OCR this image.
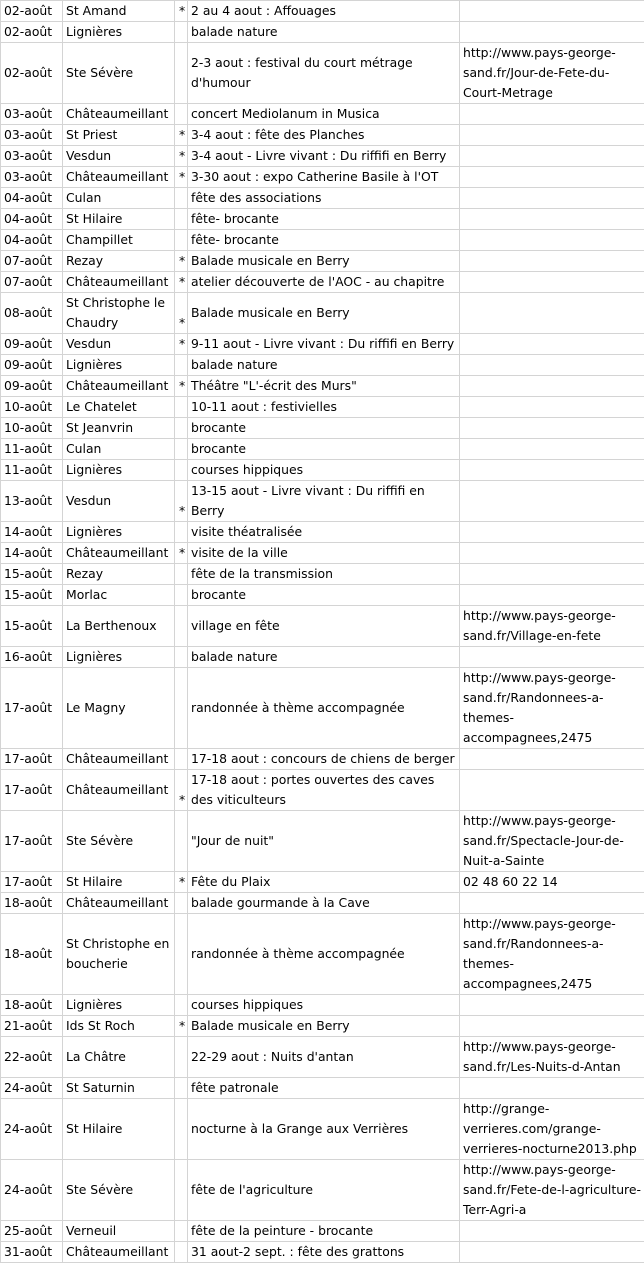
02-août	St Amand	*	2 au 4 aout : Affouages	
02-août	Lignières		balade nature	
02-août	Ste Sévère		2-3 aout : festival du court métrage d'humour	http://www.pays-george-sand.fr/Jour-de-Fete-du-Court-Metrage
03-août	Châteaumeillant		concert Mediolanum in Musica	
03-août	St Priest	*	3-4 aout : fête des Planches	
03-août	Vesdun	*	3-4 aout - Livre vivant : Du riffifi en Berry	
03-août	Châteaumeillant	*	3-30 aout : expo Catherine Basile à l'OT	
04-août	Culan		fête des associations	
04-août	St Hilaire		fête- brocante	
04-août	Champillet		fête- brocante	
07-août	Rezay	*	Balade musicale en Berry	
07-août	Châteaumeillant	*	atelier découverte de l'AOC - au chapitre	
08-août	St Christophe le Chaudry	*	Balade musicale en Berry	
09-août	Vesdun	*	9-11 aout - Livre vivant : Du riffifi en Berry	
09-août	Lignières		balade nature	
09-août	Châteaumeillant	*	Théâtre "L'-écrit des Murs"	
10-août	Le Chatelet		10-11 aout : festivielles	
10-août	St Jeanvrin		brocante	
11-août	Culan		brocante	
11-août	Lignières		courses hippiques	
13-août	Vesdun	*	13-15 aout - Livre vivant : Du riffifi en Berry	
14-août	Lignières		visite théatralisée	
14-août	Châteaumeillant	*	visite de la ville	
15-août	Rezay		fête de la transmission	
15-août	Morlac		brocante	
15-août	La Berthenoux		village en fête	http://www.pays-george-sand.fr/Village-en-fete
16-août	Lignières		balade nature	
17-août	Le Magny		randonnée à thème accompagnée	http://www.pays-george-sand.fr/Randonnees-a-themes-accompagnees,2475
17-août	Châteaumeillant		17-18 aout : concours de chiens de berger	
17-août	Châteaumeillant	*	17-18 aout : portes ouvertes des caves des viticulteurs	
17-août	Ste Sévère		"Jour de nuit"	http://www.pays-george-sand.fr/Spectacle-Jour-de-Nuit-a-Sainte
17-août	St Hilaire	*	Fête du Plaix	02 48 60 22 14
18-août	Châteaumeillant		balade gourmande à la Cave	
18-août	St Christophe en boucherie		randonnée à thème accompagnée	http://www.pays-george-sand.fr/Randonnees-a-themes-accompagnees,2475
18-août	Lignières		courses hippiques	
21-août	Ids St Roch	*	Balade musicale en Berry	
22-août	La Châtre		22-29 aout : Nuits d'antan	http://www.pays-george-sand.fr/Les-Nuits-d-Antan
24-août	St Saturnin		fête patronale	
24-août	St Hilaire		nocturne à la Grange aux Verrières	http://grange-verrieres.com/grange-verrieres-nocturne2013.php
24-août	Ste Sévère		fête de l'agriculture	http://www.pays-george-sand.fr/Fete-de-l-agriculture-Terr-Agri-a
25-août	Verneuil		fête de la peinture - brocante	
31-août	Châteaumeillant		31 aout-2 sept. : fête des grattons	
